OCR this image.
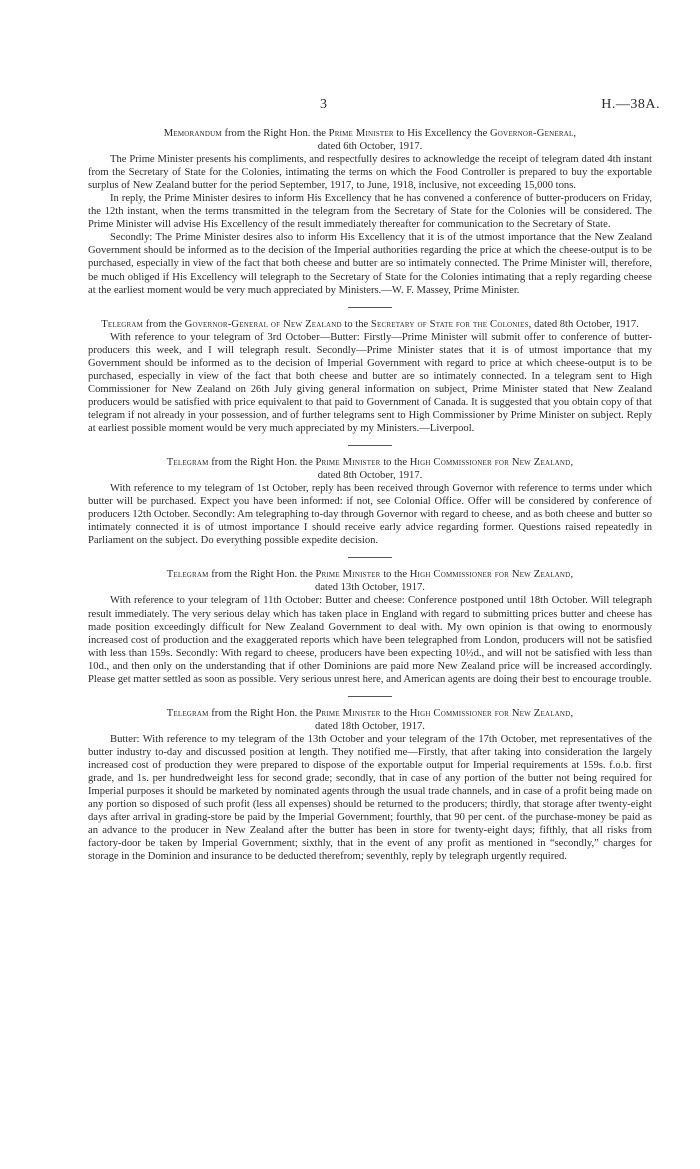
3	H.—38A.

Memorandum from the Right Hon. the Prime Minister to His Excellency the Governor-General,
dated 6th October, 1917.

The Prime Minister presents his compliments, and respectfully desires to acknowledge the receipt of telegram dated 4th instant from the Secretary of State for the Colonies, intimating the terms on which the Food Controller is prepared to buy the exportable surplus of New Zealand butter for the period September, 1917, to June, 1918, inclusive, not exceeding 15,000 tons.

In reply, the Prime Minister desires to inform His Excellency that he has convened a conference of butter-producers on Friday, the 12th instant, when the terms transmitted in the telegram from the Secretary of State for the Colonies will be considered. The Prime Minister will advise His Excellency of the result immediately thereafter for communication to the Secretary of State.

Secondly: The Prime Minister desires also to inform His Excellency that it is of the utmost importance that the New Zealand Government should be informed as to the decision of the Imperial authorities regarding the price at which the cheese-output is to be purchased, especially in view of the fact that both cheese and butter are so intimately connected. The Prime Minister will, therefore, be much obliged if His Excellency will telegraph to the Secretary of State for the Colonies intimating that a reply regarding cheese at the earliest moment would be very much appreciated by Ministers.—W. F. Massey, Prime Minister.

Telegram from the Governor-General of New Zealand to the Secretary of State for the Colonies, dated 8th October, 1917.

With reference to your telegram of 3rd October—Butter: Firstly—Prime Minister will submit offer to conference of butter-producers this week, and I will telegraph result. Secondly—Prime Minister states that it is of utmost importance that my Government should be informed as to the decision of Imperial Government with regard to price at which cheese-output is to be purchased, especially in view of the fact that both cheese and butter are so intimately connected. In a telegram sent to High Commissioner for New Zealand on 26th July giving general information on subject, Prime Minister stated that New Zealand producers would be satisfied with price equivalent to that paid to Government of Canada. It is suggested that you obtain copy of that telegram if not already in your possession, and of further telegrams sent to High Commissioner by Prime Minister on subject. Reply at earliest possible moment would be very much appreciated by my Ministers.—Liverpool.

Telegram from the Right Hon. the Prime Minister to the High Commissioner for New Zealand,
dated 8th October, 1917.

With reference to my telegram of 1st October, reply has been received through Governor with reference to terms under which butter will be purchased. Expect you have been informed: if not, see Colonial Office. Offer will be considered by conference of producers 12th October. Secondly: Am telegraphing to-day through Governor with regard to cheese, and as both cheese and butter so intimately connected it is of utmost importance I should receive early advice regarding former. Questions raised repeatedly in Parliament on the subject. Do everything possible expedite decision.

Telegram from the Right Hon. the Prime Minister to the High Commissioner for New Zealand,
dated 13th October, 1917.

With reference to your telegram of 11th October: Butter and cheese: Conference postponed until 18th October. Will telegraph result immediately. The very serious delay which has taken place in England with regard to submitting prices butter and cheese has made position exceedingly difficult for New Zealand Government to deal with. My own opinion is that owing to enormously increased cost of production and the exaggerated reports which have been telegraphed from London, producers will not be satisfied with less than 159s. Secondly: With regard to cheese, producers have been expecting 10½d., and will not be satisfied with less than 10d., and then only on the understanding that if other Dominions are paid more New Zealand price will be increased accordingly. Please get matter settled as soon as possible. Very serious unrest here, and American agents are doing their best to encourage trouble.

Telegram from the Right Hon. the Prime Minister to the High Commissioner for New Zealand,
dated 18th October, 1917.

Butter: With reference to my telegram of the 13th October and your telegram of the 17th October, met representatives of the butter industry to-day and discussed position at length. They notified me—Firstly, that after taking into consideration the largely increased cost of production they were prepared to dispose of the exportable output for Imperial requirements at 159s. f.o.b. first grade, and 1s. per hundredweight less for second grade; secondly, that in case of any portion of the butter not being required for Imperial purposes it should be marketed by nominated agents through the usual trade channels, and in case of a profit being made on any portion so disposed of such profit (less all expenses) should be returned to the producers; thirdly, that storage after twenty-eight days after arrival in grading-store be paid by the Imperial Government; fourthly, that 90 per cent. of the purchase-money be paid as an advance to the producer in New Zealand after the butter has been in store for twenty-eight days; fifthly, that all risks from factory-door be taken by Imperial Government; sixthly, that in the event of any profit as mentioned in “secondly,” charges for storage in the Dominion and insurance to be deducted therefrom; seventhly, reply by telegraph urgently required.
